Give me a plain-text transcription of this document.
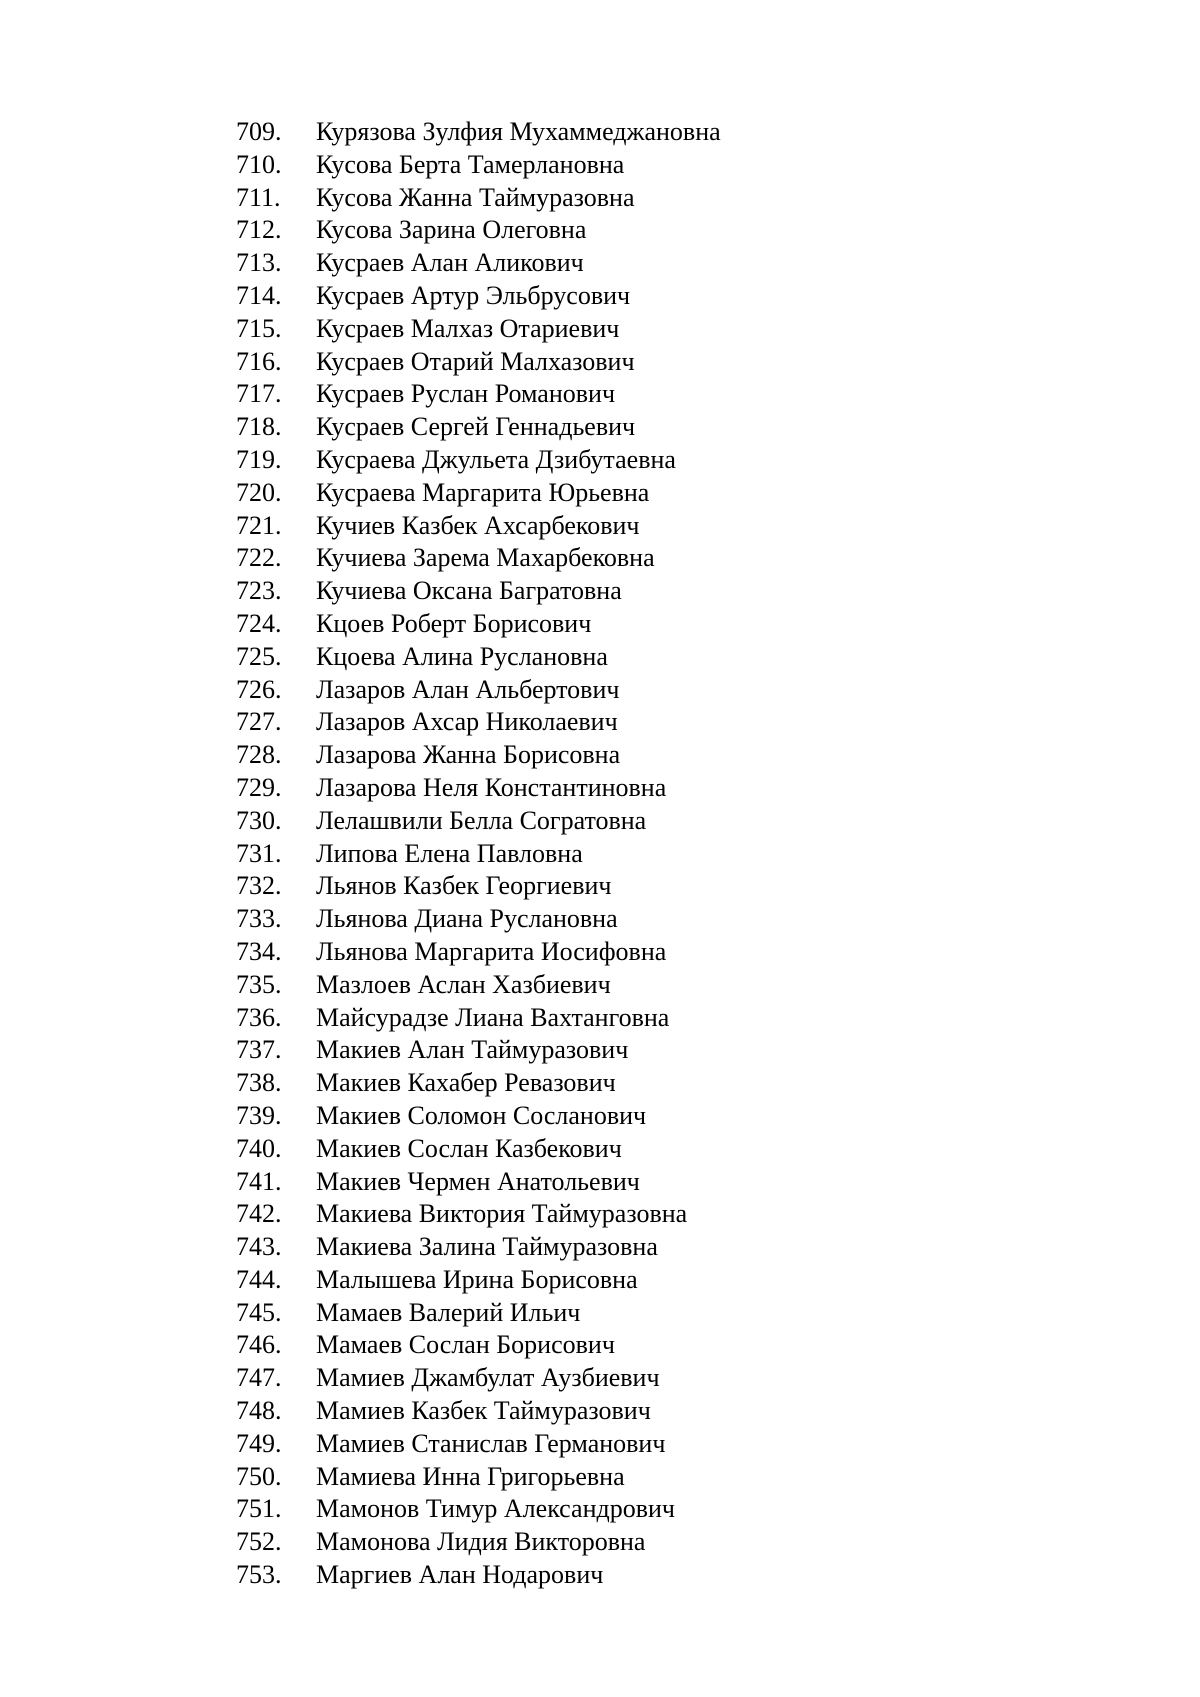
709.	Курязова Зулфия Мухаммеджановна
710.	Кусова Берта Тамерлановна
711.	Кусова Жанна Таймуразовна
712.	Кусова Зарина Олеговна
713.	Кусраев Алан Аликович
714.	Кусраев Артур Эльбрусович
715.	Кусраев Малхаз Отариевич
716.	Кусраев Отарий Малхазович
717.	Кусраев Руслан Романович
718.	Кусраев Сергей Геннадьевич
719.	Кусраева Джульета Дзибутаевна
720.	Кусраева Маргарита Юрьевна
721.	Кучиев Казбек Ахсарбекович
722.	Кучиева Зарема Махарбековна
723.	Кучиева Оксана Багратовна
724.	Кцоев Роберт Борисович
725.	Кцоева Алина Руслановна
726.	Лазаров Алан Альбертович
727.	Лазаров Ахсар Николаевич
728.	Лазарова Жанна Борисовна
729.	Лазарова Неля Константиновна
730.	Лелашвили Белла Согратовна
731.	Липова Елена Павловна
732.	Льянов Казбек Георгиевич
733.	Льянова Диана Руслановна
734.	Льянова Маргарита Иосифовна
735.	Мазлоев Аслан Хазбиевич
736.	Майсурадзе Лиана Вахтанговна
737.	Макиев Алан Таймуразович
738.	Макиев Кахабер Ревазович
739.	Макиев Соломон Сосланович
740.	Макиев Сослан Казбекович
741.	Макиев Чермен Анатольевич
742.	Макиева Виктория Таймуразовна
743.	Макиева Залина Таймуразовна
744.	Малышева Ирина Борисовна
745.	Мамаев Валерий Ильич
746.	Мамаев Сослан Борисович
747.	Мамиев Джамбулат Аузбиевич
748.	Мамиев Казбек Таймуразович
749.	Мамиев Станислав Германович
750.	Мамиева Инна Григорьевна
751.	Мамонов Тимур Александрович
752.	Мамонова Лидия Викторовна
753.	Маргиев Алан Нодарович
